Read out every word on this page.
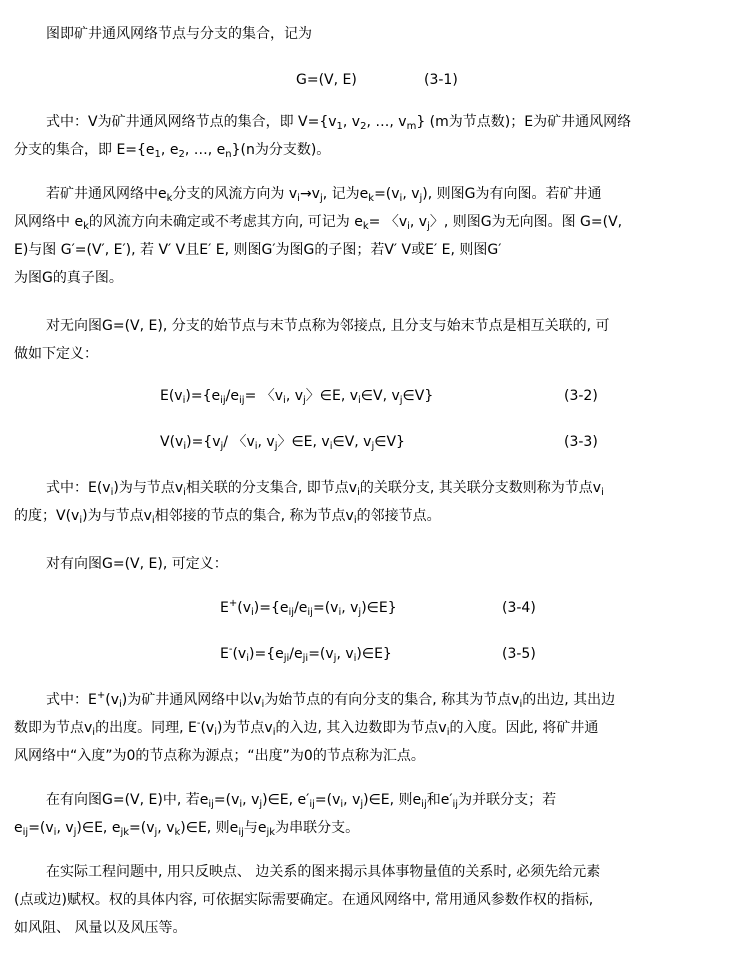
图即矿井通风网络节点与分支的集合，记为

G=(V, E)	(3-1)

式中：V为矿井通风网络节点的集合，即 $V=\{v_1$, $v_2$, …, $v_m$} (m为节点数)；E为矿井通风网络
分支的集合，即 $E=\{e_1$, $e_2$, …, $e_n\}(n$为分支数)。

若矿井通风网络中$e_k$分支的风流方向为 $v_i\to v_j$, 记为$e_k=(v_i$, $v_j$), 则图G为有向图。若矿井通
风网络中 $e_k$的风流方向未确定或不考虑其方向, 可记为 $e_k=$ 〈$v_i$, $v_j$〉, 则图G为无向图。图 G=(V,
E)与图 G′=(V′, E′), 若 V′ V且E′ E, 则图G′为图G的子图；若V′ V或E′ E, 则图G′
为图G的真子图。

对无向图G=(V, E), 分支的始节点与末节点称为邻接点, 且分支与始末节点是相互关联的, 可
做如下定义：

$E(v_i)=\{e_{ij}/e_{ij}=$ 〈$v_i$, $v_j$〉∈E, $v_i\in V$, $v_j\in V$}	(3-2)
$V(v_i)=\{v_j/$ 〈$v_i$, $v_j$〉∈E, $v_i\in V$, $v_j\in V$}	(3-3)

式中：$E(v_i)$为与节点$v_i$相关联的分支集合, 即节点$v_i$的关联分支, 其关联分支数则称为节点$v_i$
的度；$V(v_i)$为与节点$v_i$相邻接的节点的集合, 称为节点$v_i$的邻接节点。

对有向图G=(V, E), 可定义：

$E^+(v_i)=\{e_{ij}/e_{ij}=(v_i$, $v_j)\in E$}	(3-4)
$E^-(v_i)=\{e_{ji}/e_{ji}=(v_j$, $v_i)\in E$}	(3-5)

式中：$E^+(v_i)$为矿井通风网络中以$v_i$为始节点的有向分支的集合, 称其为节点$v_i$的出边, 其出边
数即为节点$v_i$的出度。同理, $E^-(v_i)$为节点$v_i$的入边, 其入边数即为节点$v_i$的入度。因此, 将矿井通
风网络中“入度”为0的节点称为源点；“出度”为0的节点称为汇点。

在有向图G=(V, E)中, 若$e_{ij}=(v_i$, $v_j)\in E$, $e'_{ij}=(v_i$, $v_j)\in E$, 则$e_{ij}$和$e'_{ij}$为并联分支；若
$e_{ij}=(v_i$, $v_j)\in E$, $e_{jk}=(v_j$, $v_k)\in E$, 则$e_{ij}$与$e_{jk}$为串联分支。

在实际工程问题中, 用只反映点、 边关系的图来揭示具体事物量值的关系时, 必须先给元素
(点或边)赋权。权的具体内容, 可依据实际需要确定。在通风网络中, 常用通风参数作权的指标,
如风阻、 风量以及风压等。
